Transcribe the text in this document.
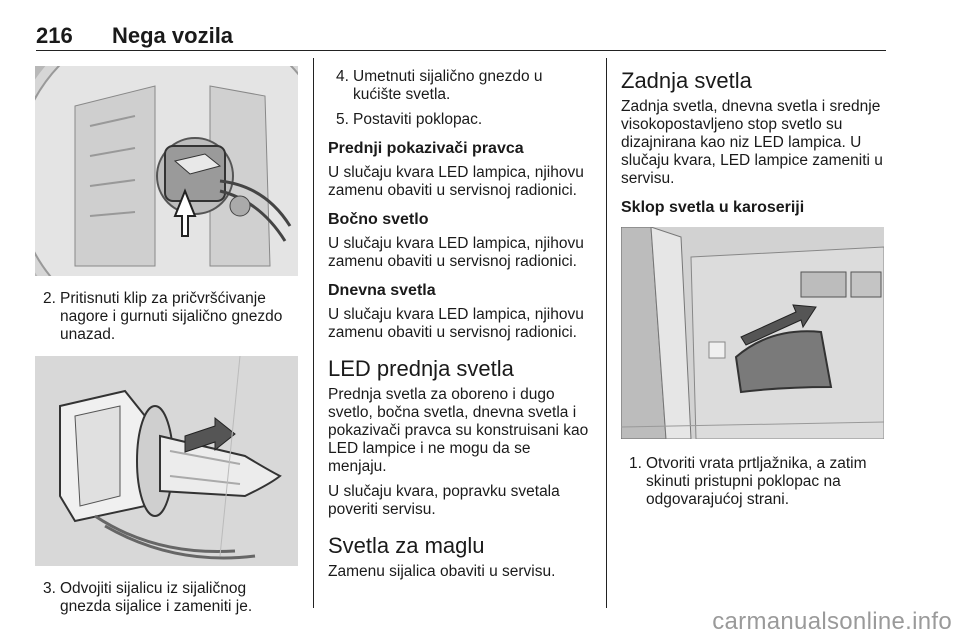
216 Nega vozila
2. Pritisnuti klip za pričvršćivanje nagore i gurnuti sijalično gnezdo unazad.
3. Odvojiti sijalicu iz sijaličnog gnezda sijalice i zameniti je.
4. Umetnuti sijalično gnezdo u kućište svetla.
5. Postaviti poklopac.
Prednji pokazivači pravca

U slučaju kvara LED lampica, njihovu zamenu obaviti u servisnoj radionici.

Bočno svetlo

U slučaju kvara LED lampica, njihovu zamenu obaviti u servisnoj radionici.

Dnevna svetla

U slučaju kvara LED lampica, njihovu zamenu obaviti u servisnoj radionici.

LED prednja svetla

Prednja svetla za oboreno i dugo svetlo, bočna svetla, dnevna svetla i pokazivači pravca su konstruisani kao LED lampice i ne mogu da se menjaju.

U slučaju kvara, popravku svetala poveriti servisu.

Svetla za maglu

Zamenu sijalica obaviti u servisu.

Zadnja svetla

Zadnja svetla, dnevna svetla i srednje visokopostavljeno stop svetlo su dizajnirana kao niz LED lampica. U slučaju kvara, LED lampice zameniti u servisu.

Sklop svetla u karoseriji
1. Otvoriti vrata prtljažnika, a zatim skinuti pristupni poklopac na odgovarajućoj strani.
carmanualsonline.info
